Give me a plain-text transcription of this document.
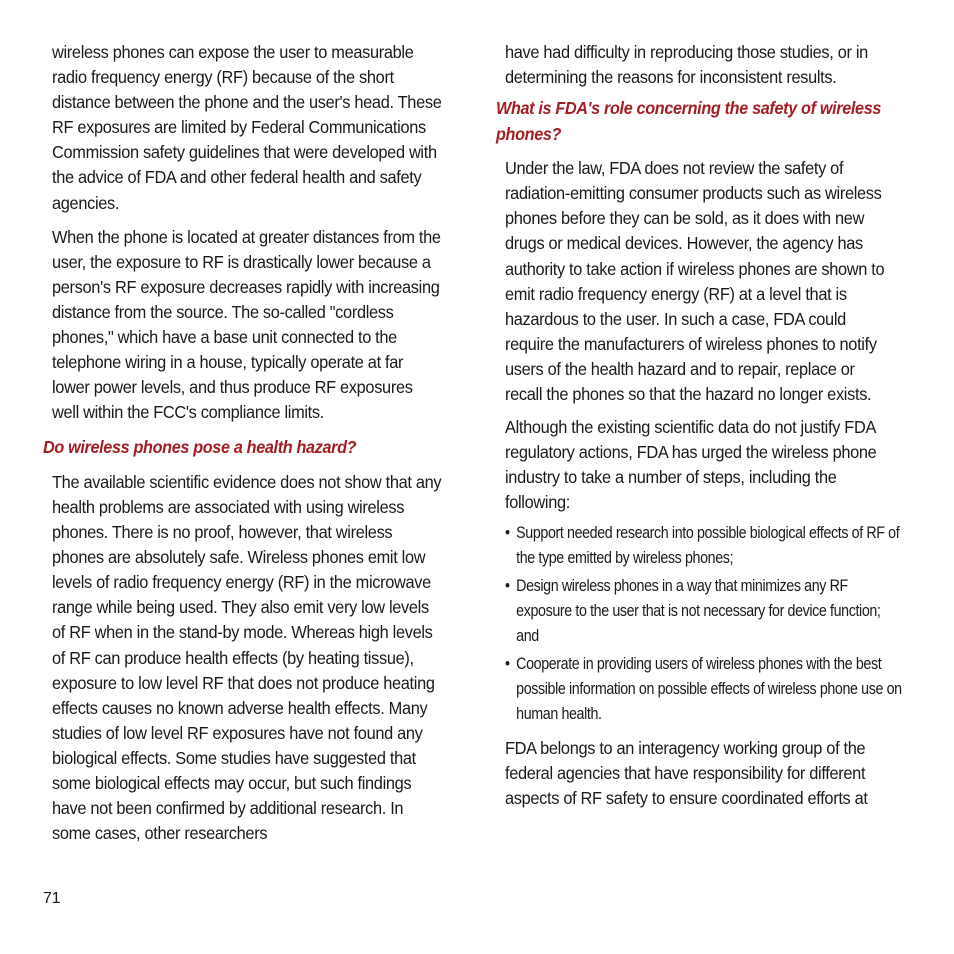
wireless phones can expose the user to measurable radio frequency energy (RF) because of the short distance between the phone and the user's head. These RF exposures are limited by Federal Communications Commission safety guidelines that were developed with the advice of FDA and other federal health and safety agencies.

When the phone is located at greater distances from the user, the exposure to RF is drastically lower because a person's RF exposure decreases rapidly with increasing distance from the source. The so-called "cordless phones," which have a base unit connected to the telephone wiring in a house, typically operate at far lower power levels, and thus produce RF exposures well within the FCC's compliance limits.

Do wireless phones pose a health hazard?

The available scientific evidence does not show that any health problems are associated with using wireless phones. There is no proof, however, that wireless phones are absolutely safe. Wireless phones emit low levels of radio frequency energy (RF) in the microwave range while being used. They also emit very low levels of RF when in the stand-by mode. Whereas high levels of RF can produce health effects (by heating tissue), exposure to low level RF that does not produce heating effects causes no known adverse health effects. Many studies of low level RF exposures have not found any biological effects. Some studies have suggested that some biological effects may occur, but such findings have not been confirmed by additional research. In some cases, other researchers

have had difficulty in reproducing those studies, or in determining the reasons for inconsistent results.

What is FDA's role concerning the safety of wireless phones?

Under the law, FDA does not review the safety of radiation-emitting consumer products such as wireless phones before they can be sold, as it does with new drugs or medical devices. However, the agency has authority to take action if wireless phones are shown to emit radio frequency energy (RF) at a level that is hazardous to the user. In such a case, FDA could require the manufacturers of wireless phones to notify users of the health hazard and to repair, replace or recall the phones so that the hazard no longer exists.

Although the existing scientific data do not justify FDA regulatory actions, FDA has urged the wireless phone industry to take a number of steps, including the following:

• Support needed research into possible biological effects of RF of the type emitted by wireless phones;
• Design wireless phones in a way that minimizes any RF exposure to the user that is not necessary for device function; and
• Cooperate in providing users of wireless phones with the best possible information on possible effects of wireless phone use on human health.

FDA belongs to an interagency working group of the federal agencies that have responsibility for different aspects of RF safety to ensure coordinated efforts at

71
